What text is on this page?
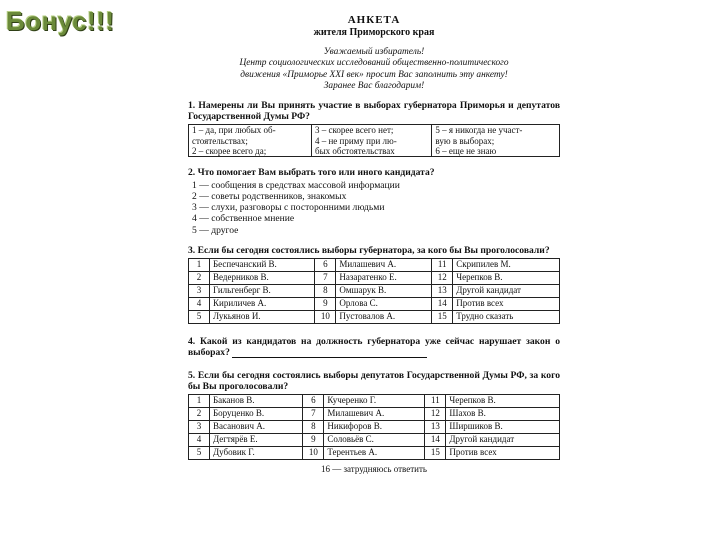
Бонус!!!	АНКЕТА
жителя Приморского края
Уважаемый избиратель!
Центр социологических исследований общественно-политического
движения «Приморье XXI век» просит Вас заполнить эту анкету!
Заранее Вас благодарим!
1. Намерены ли Вы принять участие в выборах губернатора Приморья и депутатов Государственной Думы РФ?
1 – да, при любых об-
стоятельствах;
2 – скорее всего да;

3 – скорее всего нет;
4 – не приму при лю-
бых обстоятельствах

5 – я никогда не участ-
вую в выборах;
6 – еще не знаю
2. Что помогает Вам выбрать того или иного кандидата?
1 — сообщения в средствах массовой информации
2 — советы родственников, знакомых
3 — слухи, разговоры с посторонними людьми
4 — собственное мнение
5 — другое
3. Если бы сегодня состоялись выборы губернатора, за кого бы Вы проголосовали?
1	Беспечанский В.	6	Милашевич А.	11	Скрипилев М.
2	Ведерников В.	7	Назаратенко Е.	12	Черепков В.
3	Гильгенберг В.	8	Омшарук В.	13	Другой кандидат
4	Кириличев А.	9	Орлова С.	14	Против всех
5	Лукьянов И.	10	Пустовалов А.	15	Трудно сказать
4. Какой из кандидатов на должность губернатора уже сейчас нарушает закон о выборах?
5. Если бы сегодня состоялись выборы депутатов Государственной Думы РФ, за кого бы Вы проголосовали?
1	Баканов В.	6	Кучеренко Г.	11	Черепков В.
2	Боруценко В.	7	Милашевич А.	12	Шахов В.
3	Васанович А.	8	Никифоров В.	13	Ширшиков В.
4	Дегтярёв Е.	9	Соловьёв С.	14	Другой кандидат
5	Дубовик Г.	10	Терентьев А.	15	Против всех
16 — затрудняюсь ответить
